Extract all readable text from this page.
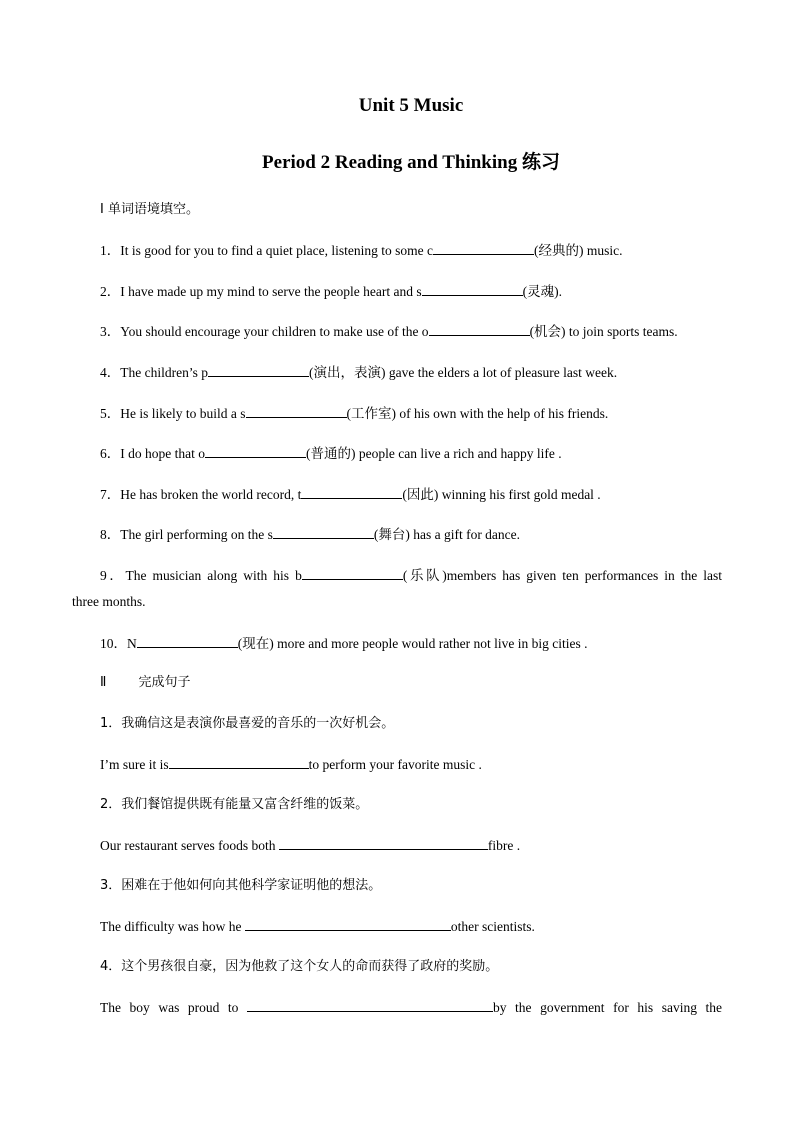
Unit 5 Music
Period 2 Reading and Thinking 练习
Ⅰ 单词语境填空。
1．It is good for you to find a quiet place, listening to some c	(经典的) music.
2．I have made up my mind to serve the people heart and s	(灵魂).
3．You should encourage your children to make use of the o	(机会) to join sports teams.
4．The children’s p	(演出，表演) gave the elders a lot of pleasure last week.
5．He is likely to build a s	(工作室) of his own with the help of his friends.
6．I do hope that o	(普通的) people can live a rich and happy life .
7．He has broken the world record, t	(因此) winning his first gold medal .
8．The girl performing on the s	(舞台) has a gift for dance.
9．The musician along with his b	(乐队)members has given ten performances in the last
three months.
10．N	(现在) more and more people would rather not live in big cities .
Ⅱ 完成句子
1．我确信这是表演你最喜爱的音乐的一次好机会。
I’m sure it is	to perform your favorite music .
2．我们餐馆提供既有能量又富含纤维的饭菜。
Our restaurant serves foods both	fibre .
3．困难在于他如何向其他科学家证明他的想法。
The difficulty was how he	other scientists.
4．这个男孩很自豪，因为他救了这个女人的命而获得了政府的奖励。
The boy was proud to	by the government for his saving the
